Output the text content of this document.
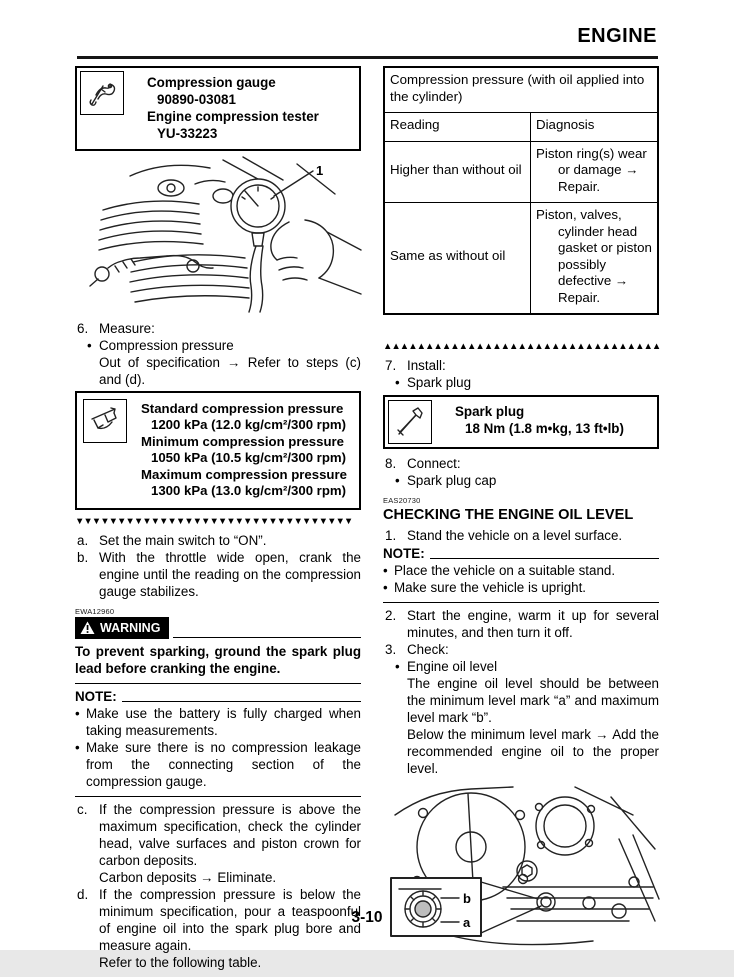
ENGINE
Compression gauge
90890-03081
Engine compression tester
YU-33223
1
6. Measure:
•
Compression pressure
Out of specification → Refer to steps (c) and (d).
Standard compression pressure
1200 kPa (12.0 kg/cm²/300 rpm)
Minimum compression pressure
1050 kPa (10.5 kg/cm²/300 rpm)
Maximum compression pressure
1300 kPa (13.0 kg/cm²/300 rpm)
▼▼▼▼▼▼▼▼▼▼▼▼▼▼▼▼▼▼▼▼▼▼▼▼▼▼▼▼▼▼▼▼▼
a. Set the main switch to “ON”.
b. With the throttle wide open, crank the engine until the reading on the compression gauge stabilizes.
EWA12960
WARNING
To prevent sparking, ground the spark plug lead before cranking the engine.
NOTE:
•
Make use the battery is fully charged when taking measurements.
•
Make sure there is no compression leakage from the connecting section of the compression gauge.
c. If the compression pressure is above the maximum specification, check the cylinder head, valve surfaces and piston crown for carbon deposits.
Carbon deposits → Eliminate.
d. If the compression pressure is below the minimum specification, pour a teaspoonful of engine oil into the spark plug bore and measure again.
Refer to the following table.
Compression pressure (with oil applied into the cylinder)	
Reading	Diagnosis
Higher than without oil	Piston ring(s) wear or damage → Repair.
Same as without oil	Piston, valves, cylinder head gasket or piston possibly defective → Repair.
▲▲▲▲▲▲▲▲▲▲▲▲▲▲▲▲▲▲▲▲▲▲▲▲▲▲▲▲▲▲▲▲▲
7. Install:
•
Spark plug
Spark plug
18 Nm (1.8 m•kg, 13 ft•lb)
8. Connect:
•
Spark plug cap
EAS20730
CHECKING THE ENGINE OIL LEVEL
1. Stand the vehicle on a level surface.
NOTE:
•
Place the vehicle on a suitable stand.
•
Make sure the vehicle is upright.
2. Start the engine, warm it up for several minutes, and then turn it off.
3. Check:
•
Engine oil level
The engine oil level should be between the minimum level mark “a” and maximum level mark “b”.
Below the minimum level mark → Add the recommended engine oil to the proper level.
b
a
3-10
